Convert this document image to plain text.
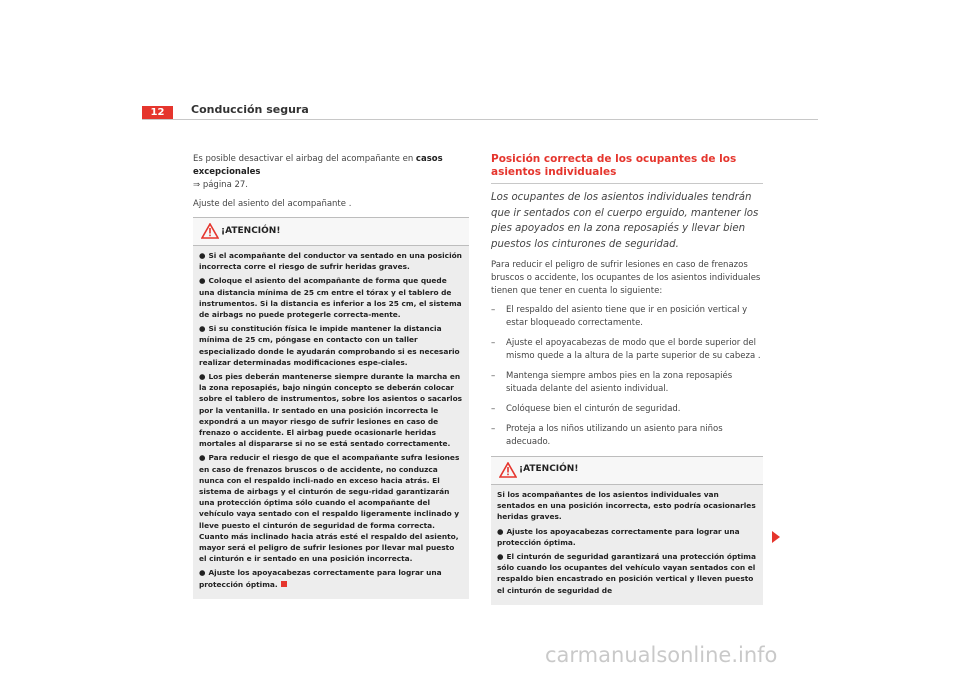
12	Conducción segura

Es posible desactivar el airbag del acompañante en casos excepcionales
⇒ página 27.

Ajuste del asiento del acompañante .

¡ATENCIÓN!
● Si el acompañante del conductor va sentado en una posición incorrecta corre el riesgo de sufrir heridas graves.
● Coloque el asiento del acompañante de forma que quede una distancia mínima de 25 cm entre el tórax y el tablero de instrumentos. Si la distancia es inferior a los 25 cm, el sistema de airbags no puede protegerle correcta-mente.
● Si su constitución física le impide mantener la distancia mínima de 25 cm, póngase en contacto con un taller especializado donde le ayudarán comprobando si es necesario realizar determinadas modificaciones espe-ciales.
● Los pies deberán mantenerse siempre durante la marcha en la zona reposapiés, bajo ningún concepto se deberán colocar sobre el tablero de instrumentos, sobre los asientos o sacarlos por la ventanilla. Ir sentado en una posición incorrecta le expondrá a un mayor riesgo de sufrir lesiones en caso de frenazo o accidente. El airbag puede ocasionarle heridas mortales al dispararse si no se está sentado correctamente.
● Para reducir el riesgo de que el acompañante sufra lesiones en caso de frenazos bruscos o de accidente, no conduzca nunca con el respaldo incli-nado en exceso hacia atrás. El sistema de airbags y el cinturón de segu-ridad garantizarán una protección óptima sólo cuando el acompañante del vehículo vaya sentado con el respaldo ligeramente inclinado y lleve puesto el cinturón de seguridad de forma correcta. Cuanto más inclinado hacia atrás esté el respaldo del asiento, mayor será el peligro de sufrir lesiones por llevar mal puesto el cinturón e ir sentado en una posición incorrecta.
● Ajuste los apoyacabezas correctamente para lograr una protección óptima.
Posición correcta de los ocupantes de los asientos individuales

Los ocupantes de los asientos individuales tendrán que ir sentados con el cuerpo erguido, mantener los pies apoyados en la zona reposapiés y llevar bien puestos los cinturones de seguridad.

Para reducir el peligro de sufrir lesiones en caso de frenazos bruscos o accidente, los ocupantes de los asientos individuales tienen que tener en cuenta lo siguiente:

– El respaldo del asiento tiene que ir en posición vertical y estar bloqueado correctamente.
– Ajuste el apoyacabezas de modo que el borde superior del mismo quede a la altura de la parte superior de su cabeza .
– Mantenga siempre ambos pies en la zona reposapiés situada delante del asiento individual.
– Colóquese bien el cinturón de seguridad.
– Proteja a los niños utilizando un asiento para niños adecuado.
¡ATENCIÓN!
Si los acompañantes de los asientos individuales van sentados en una posición incorrecta, esto podría ocasionarles heridas graves.
● Ajuste los apoyacabezas correctamente para lograr una protección óptima.
● El cinturón de seguridad garantizará una protección óptima sólo cuando los ocupantes del vehículo vayan sentados con el respaldo bien encastrado en posición vertical y lleven puesto el cinturón de seguridad de
carmanualsonline.info
